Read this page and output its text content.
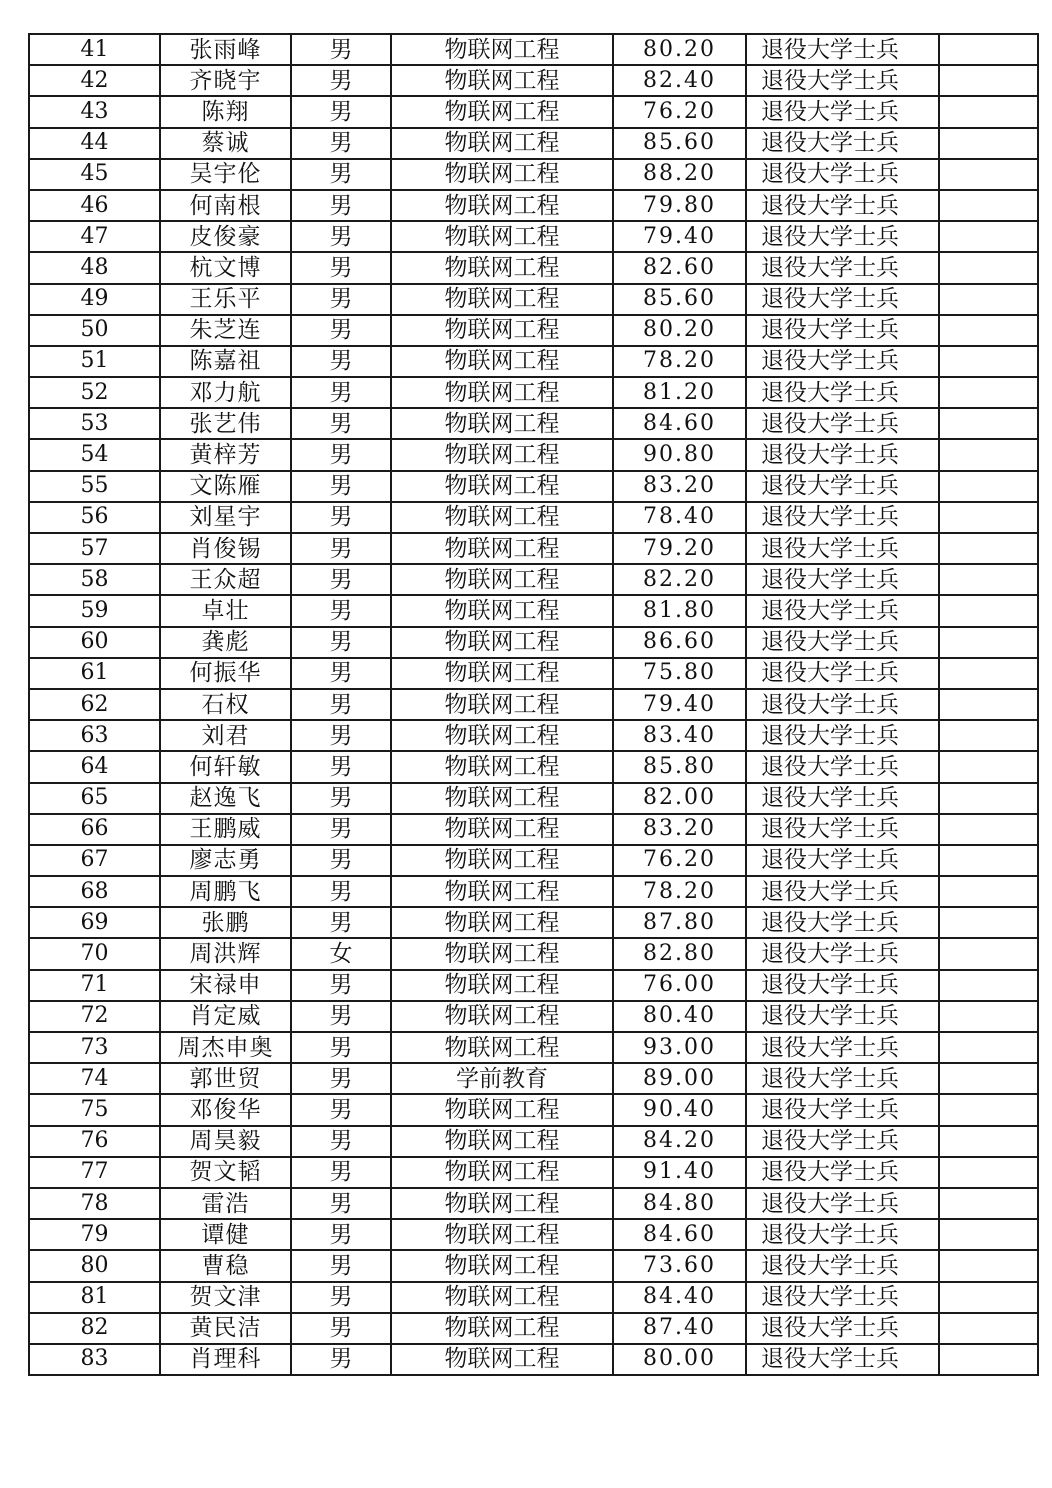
41	张雨峰	男	物联网工程	80.20	退役大学士兵	
42	齐晓宇	男	物联网工程	82.40	退役大学士兵	
43	陈翔	男	物联网工程	76.20	退役大学士兵	
44	蔡诚	男	物联网工程	85.60	退役大学士兵	
45	吴宇伦	男	物联网工程	88.20	退役大学士兵	
46	何南根	男	物联网工程	79.80	退役大学士兵	
47	皮俊豪	男	物联网工程	79.40	退役大学士兵	
48	杭文博	男	物联网工程	82.60	退役大学士兵	
49	王乐平	男	物联网工程	85.60	退役大学士兵	
50	朱芝连	男	物联网工程	80.20	退役大学士兵	
51	陈嘉祖	男	物联网工程	78.20	退役大学士兵	
52	邓力航	男	物联网工程	81.20	退役大学士兵	
53	张艺伟	男	物联网工程	84.60	退役大学士兵	
54	黄梓芳	男	物联网工程	90.80	退役大学士兵	
55	文陈雁	男	物联网工程	83.20	退役大学士兵	
56	刘星宇	男	物联网工程	78.40	退役大学士兵	
57	肖俊锡	男	物联网工程	79.20	退役大学士兵	
58	王众超	男	物联网工程	82.20	退役大学士兵	
59	卓壮	男	物联网工程	81.80	退役大学士兵	
60	龚彪	男	物联网工程	86.60	退役大学士兵	
61	何振华	男	物联网工程	75.80	退役大学士兵	
62	石权	男	物联网工程	79.40	退役大学士兵	
63	刘君	男	物联网工程	83.40	退役大学士兵	
64	何轩敏	男	物联网工程	85.80	退役大学士兵	
65	赵逸飞	男	物联网工程	82.00	退役大学士兵	
66	王鹏威	男	物联网工程	83.20	退役大学士兵	
67	廖志勇	男	物联网工程	76.20	退役大学士兵	
68	周鹏飞	男	物联网工程	78.20	退役大学士兵	
69	张鹏	男	物联网工程	87.80	退役大学士兵	
70	周洪辉	女	物联网工程	82.80	退役大学士兵	
71	宋禄申	男	物联网工程	76.00	退役大学士兵	
72	肖定威	男	物联网工程	80.40	退役大学士兵	
73	周杰申奥	男	物联网工程	93.00	退役大学士兵	
74	郭世贸	男	学前教育	89.00	退役大学士兵	
75	邓俊华	男	物联网工程	90.40	退役大学士兵	
76	周昊毅	男	物联网工程	84.20	退役大学士兵	
77	贺文韬	男	物联网工程	91.40	退役大学士兵	
78	雷浩	男	物联网工程	84.80	退役大学士兵	
79	谭健	男	物联网工程	84.60	退役大学士兵	
80	曹稳	男	物联网工程	73.60	退役大学士兵	
81	贺文津	男	物联网工程	84.40	退役大学士兵	
82	黄民洁	男	物联网工程	87.40	退役大学士兵	
83	肖理科	男	物联网工程	80.00	退役大学士兵	
